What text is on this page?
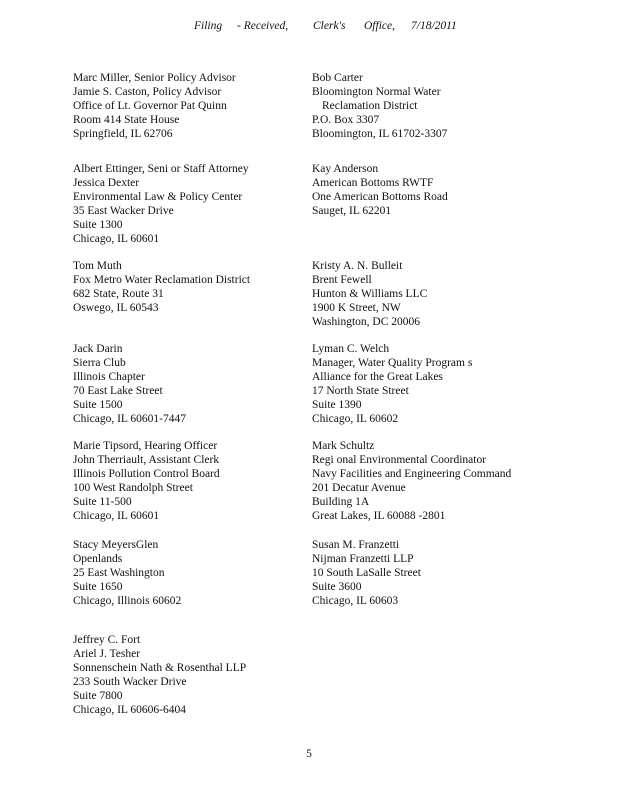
Filing - Received, Clerk's Office, 7/18/2011
Marc Miller, Senior Policy Advisor
Jamie S. Caston, Policy Advisor
Office of Lt. Governor Pat Quinn
Room 414 State House
Springfield, IL 62706
Albert Ettinger, Seni or Staff Attorney
Jessica Dexter
Environmental Law & Policy Center
35 East Wacker Drive
Suite 1300
Chicago, IL 60601
Tom Muth
Fox Metro Water Reclamation District
682 State, Route 31
Oswego, IL 60543
Jack Darin
Sierra Club
Illinois Chapter
70 East Lake Street
Suite 1500
Chicago, IL 60601-7447
Marie Tipsord, Hearing Officer
John Therriault, Assistant Clerk
Illinois Pollution Control Board
100 West Randolph Street
Suite 11-500
Chicago, IL 60601
Stacy MeyersGlen
Openlands
25 East Washington
Suite 1650
Chicago, Illinois 60602
Jeffrey C. Fort
Ariel J. Tesher
Sonnenschein Nath & Rosenthal LLP
233 South Wacker Drive
Suite 7800
Chicago, IL 60606-6404
Bob Carter
Bloomington Normal Water
Reclamation District
P.O. Box 3307
Bloomington, IL 61702-3307
Kay Anderson
American Bottoms RWTF
One American Bottoms Road
Sauget, IL 62201
Kristy A. N. Bulleit
Brent Fewell
Hunton & Williams LLC
1900 K Street, NW
Washington, DC 20006
Lyman C. Welch
Manager, Water Quality Program s
Alliance for the Great Lakes
17 North State Street
Suite 1390
Chicago, IL 60602
Mark Schultz
Regi onal Environmental Coordinator
Navy Facilities and Engineering Command
201 Decatur Avenue
Building 1A
Great Lakes, IL 60088 -2801
Susan M. Franzetti
Nijman Franzetti LLP
10 South LaSalle Street
Suite 3600
Chicago, IL 60603
5
